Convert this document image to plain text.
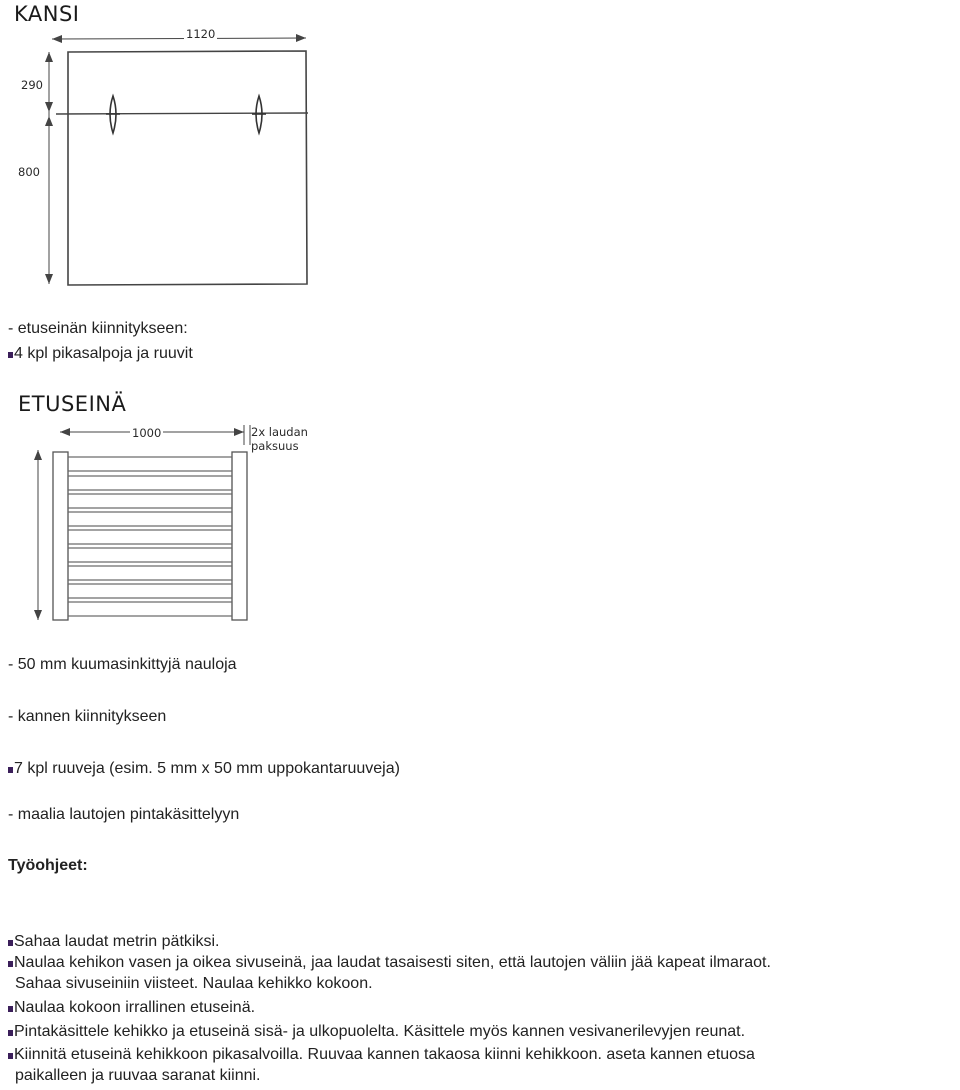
KANSI
1120
290
800
- etuseinän kiinnitykseen:
4 kpl pikasalpoja ja ruuvit
ETUSEINÄ
1000	2x laudan
paksuus
- 50 mm kuumasinkittyjä nauloja
- kannen kiinnitykseen
7 kpl ruuveja (esim. 5 mm x 50 mm uppokantaruuveja)
- maalia lautojen pintakäsittelyyn
Työohjeet:
Sahaa laudat metrin pätkiksi.
Naulaa kehikon vasen ja oikea sivuseinä, jaa laudat tasaisesti siten, että lautojen väliin jää kapeat ilmaraot.
Sahaa sivuseiniin viisteet. Naulaa kehikko kokoon.
Naulaa kokoon irrallinen etuseinä.
Pintakäsittele kehikko ja etuseinä sisä- ja ulkopuolelta. Käsittele myös kannen vesivanerilevyjen reunat.
Kiinnitä etuseinä kehikkoon pikasalvoilla. Ruuvaa kannen takaosa kiinni kehikkoon. aseta kannen etuosa
paikalleen ja ruuvaa saranat kiinni.
